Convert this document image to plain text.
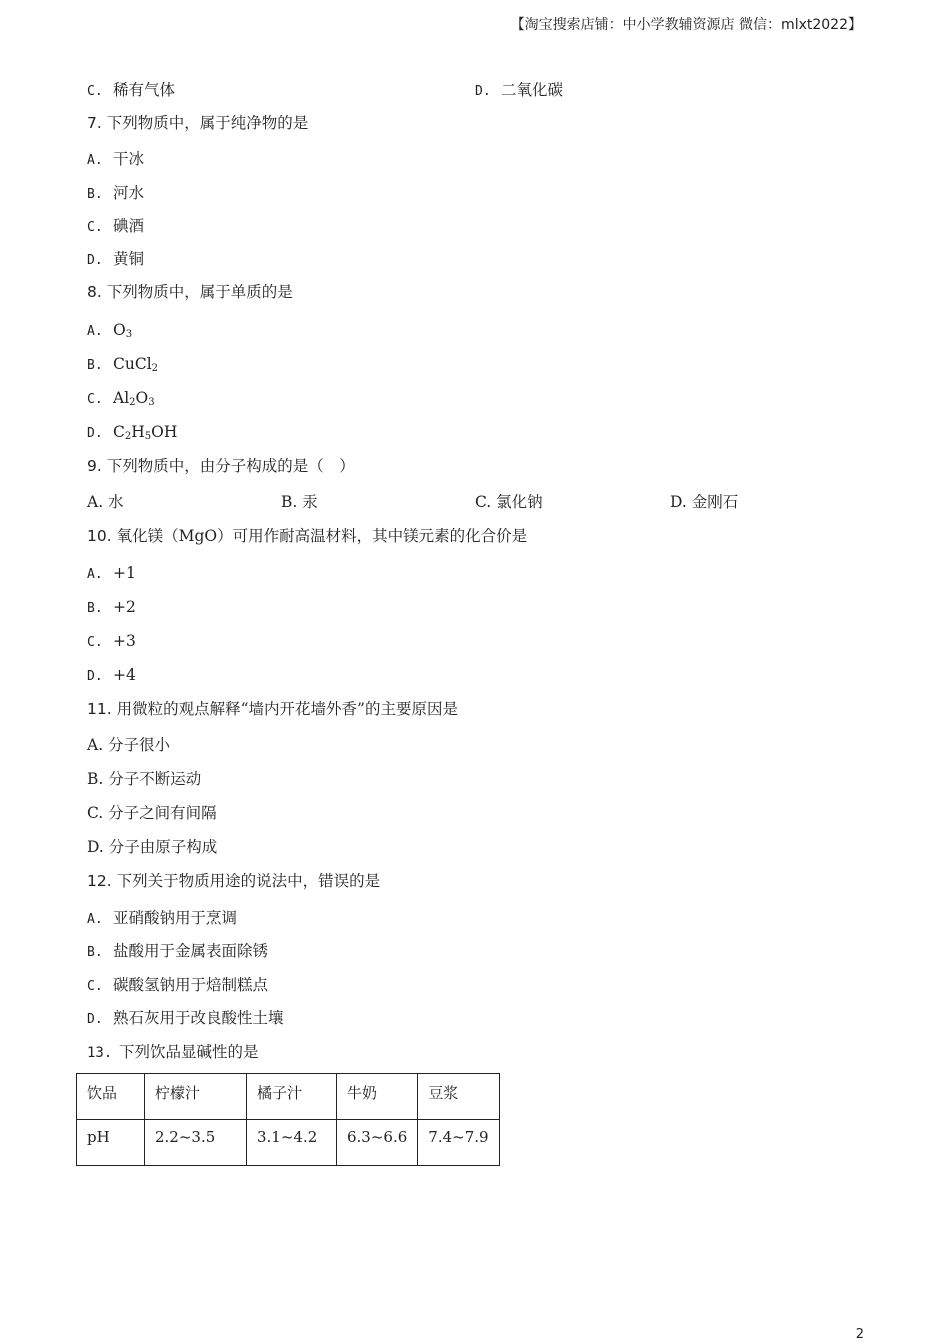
【淘宝搜索店铺：中小学教辅资源店 微信：mlxt2022】
C. 稀有气体	D. 二氧化碳
7. 下列物质中，属于纯净物的是
A. 干冰
B. 河水
C. 碘酒
D. 黄铜
8. 下列物质中，属于单质的是
A. $O_3$
B. CuCl$_2$
C. $Al_2O_3$
D. $C_2H_5OH$
9. 下列物质中，由分子构成的是（　）
A. 水	B. 汞	C. 氯化钠	D. 金刚石
10. 氧化镁（MgO）可用作耐高温材料，其中镁元素的化合价是
A. +1
B. +2
C. +3
D. +4
11. 用微粒的观点解释“墙内开花墙外香”的主要原因是
A. 分子很小
B. 分子不断运动
C. 分子之间有间隔
D. 分子由原子构成
12. 下列关于物质用途的说法中，错误的是
A. 亚硝酸钠用于烹调
B. 盐酸用于金属表面除锈
C. 碳酸氢钠用于焙制糕点
D. 熟石灰用于改良酸性土壤
13. 下列饮品显碱性的是
饮品	柠檬汁	橘子汁	牛奶	豆浆
pH	2.2~3.5	3.1~4.2	6.3~6.6	7.4~7.9
2
